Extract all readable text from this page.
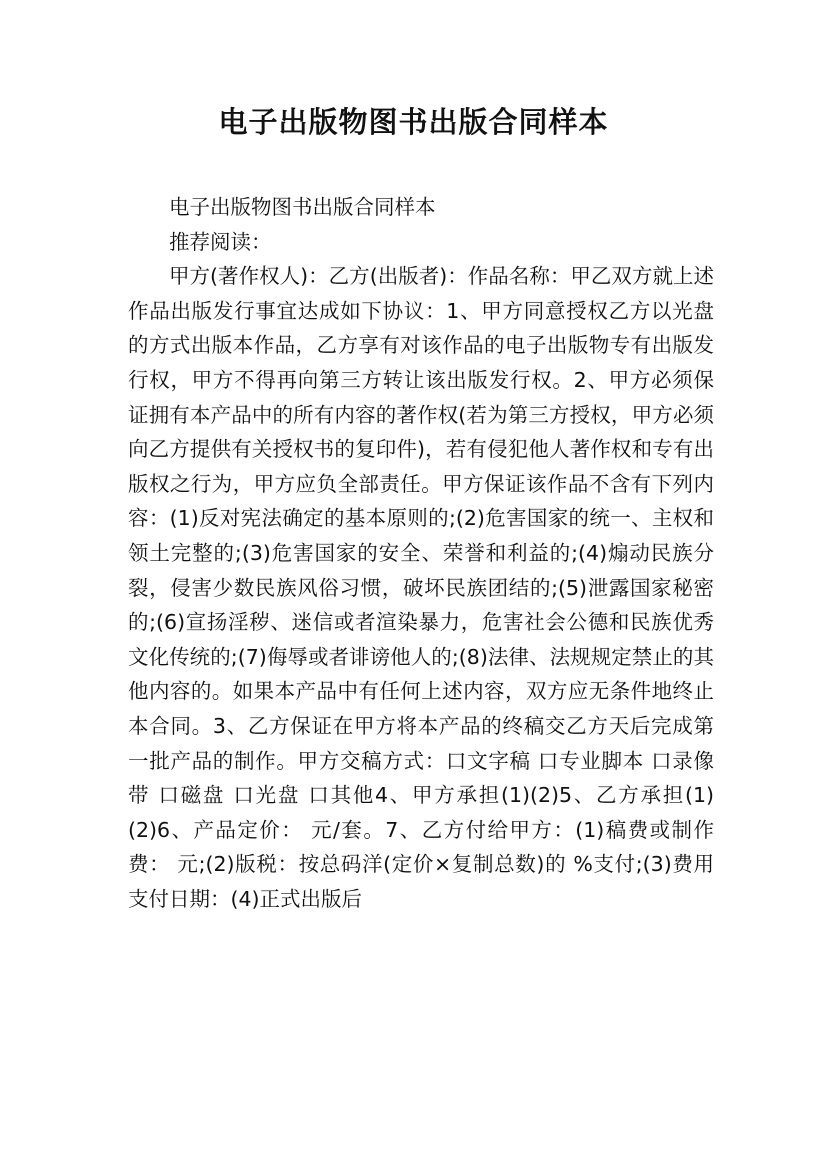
电子出版物图书出版合同样本

电子出版物图书出版合同样本

推荐阅读：

甲方(著作权人)：乙方(出版者)：作品名称：甲乙双方就上述作品出版发行事宜达成如下协议：1、甲方同意授权乙方以光盘的方式出版本作品，乙方享有对该作品的电子出版物专有出版发行权，甲方不得再向第三方转让该出版发行权。2、甲方必须保证拥有本产品中的所有内容的著作权(若为第三方授权，甲方必须向乙方提供有关授权书的复印件)，若有侵犯他人著作权和专有出版权之行为，甲方应负全部责任。甲方保证该作品不含有下列内容：(1)反对宪法确定的基本原则的;(2)危害国家的统一、主权和领土完整的;(3)危害国家的安全、荣誉和利益的;(4)煽动民族分裂，侵害少数民族风俗习惯，破坏民族团结的;(5)泄露国家秘密的;(6)宣扬淫秽、迷信或者渲染暴力，危害社会公德和民族优秀文化传统的;(7)侮辱或者诽谤他人的;(8)法律、法规规定禁止的其他内容的。如果本产品中有任何上述内容，双方应无条件地终止本合同。3、乙方保证在甲方将本产品的终稿交乙方天后完成第一批产品的制作。甲方交稿方式：口文字稿 口专业脚本 口录像带 口磁盘 口光盘 口其他4、甲方承担(1)(2)5、乙方承担(1)(2)6、产品定价： 元/套。7、乙方付给甲方：(1)稿费或制作费： 元;(2)版税：按总码洋(定价×复制总数)的 %支付;(3)费用支付日期：(4)正式出版后
